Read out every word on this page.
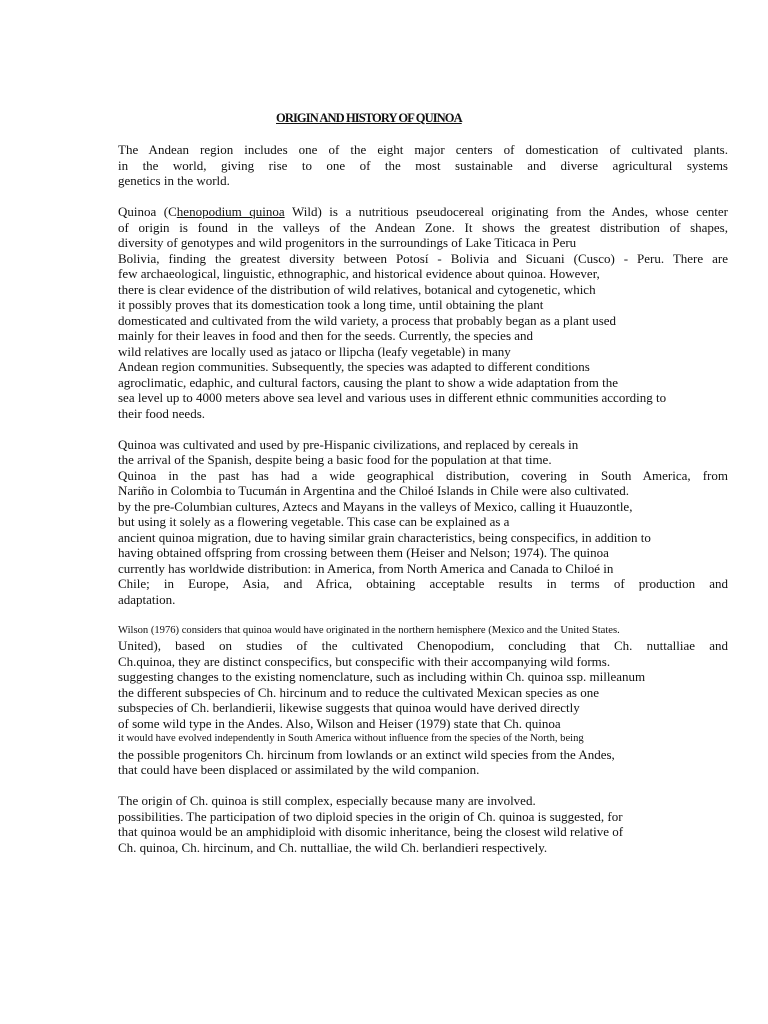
ORIGIN AND HISTORY OF QUINOA
The Andean region includes one of the eight major centers of domestication of cultivated plants.
in the world, giving rise to one of the most sustainable and diverse agricultural systems
genetics in the world.
Quinoa (Chenopodium quinoa Wild) is a nutritious pseudocereal originating from the Andes, whose center
of origin is found in the valleys of the Andean Zone. It shows the greatest distribution of shapes,
diversity of genotypes and wild progenitors in the surroundings of Lake Titicaca in Peru
Bolivia, finding the greatest diversity between Potosí - Bolivia and Sicuani (Cusco) - Peru. There are
few archaeological, linguistic, ethnographic, and historical evidence about quinoa. However,
there is clear evidence of the distribution of wild relatives, botanical and cytogenetic, which
it possibly proves that its domestication took a long time, until obtaining the plant
domesticated and cultivated from the wild variety, a process that probably began as a plant used
mainly for their leaves in food and then for the seeds. Currently, the species and
wild relatives are locally used as jataco or llipcha (leafy vegetable) in many
Andean region communities. Subsequently, the species was adapted to different conditions
agroclimatic, edaphic, and cultural factors, causing the plant to show a wide adaptation from the
sea level up to 4000 meters above sea level and various uses in different ethnic communities according to
their food needs.
Quinoa was cultivated and used by pre-Hispanic civilizations, and replaced by cereals in
the arrival of the Spanish, despite being a basic food for the population at that time.
Quinoa in the past has had a wide geographical distribution, covering in South America, from
Nariño in Colombia to Tucumán in Argentina and the Chiloé Islands in Chile were also cultivated.
by the pre-Columbian cultures, Aztecs and Mayans in the valleys of Mexico, calling it Huauzontle,
but using it solely as a flowering vegetable. This case can be explained as a
ancient quinoa migration, due to having similar grain characteristics, being conspecifics, in addition to
having obtained offspring from crossing between them (Heiser and Nelson; 1974). The quinoa
currently has worldwide distribution: in America, from North America and Canada to Chiloé in
Chile; in Europe, Asia, and Africa, obtaining acceptable results in terms of production and
adaptation.
Wilson (1976) considers that quinoa would have originated in the northern hemisphere (Mexico and the United States.
United), based on studies of the cultivated Chenopodium, concluding that Ch. nuttalliae and
Ch.quinoa, they are distinct conspecifics, but conspecific with their accompanying wild forms.
suggesting changes to the existing nomenclature, such as including within Ch. quinoa ssp. milleanum
the different subspecies of Ch. hircinum and to reduce the cultivated Mexican species as one
subspecies of Ch. berlandierii, likewise suggests that quinoa would have derived directly
of some wild type in the Andes. Also, Wilson and Heiser (1979) state that Ch. quinoa
it would have evolved independently in South America without influence from the species of the North, being
the possible progenitors Ch. hircinum from lowlands or an extinct wild species from the Andes,
that could have been displaced or assimilated by the wild companion.
The origin of Ch. quinoa is still complex, especially because many are involved.
possibilities. The participation of two diploid species in the origin of Ch. quinoa is suggested, for
that quinoa would be an amphidiploid with disomic inheritance, being the closest wild relative of
Ch. quinoa, Ch. hircinum, and Ch. nuttalliae, the wild Ch. berlandieri respectively.
